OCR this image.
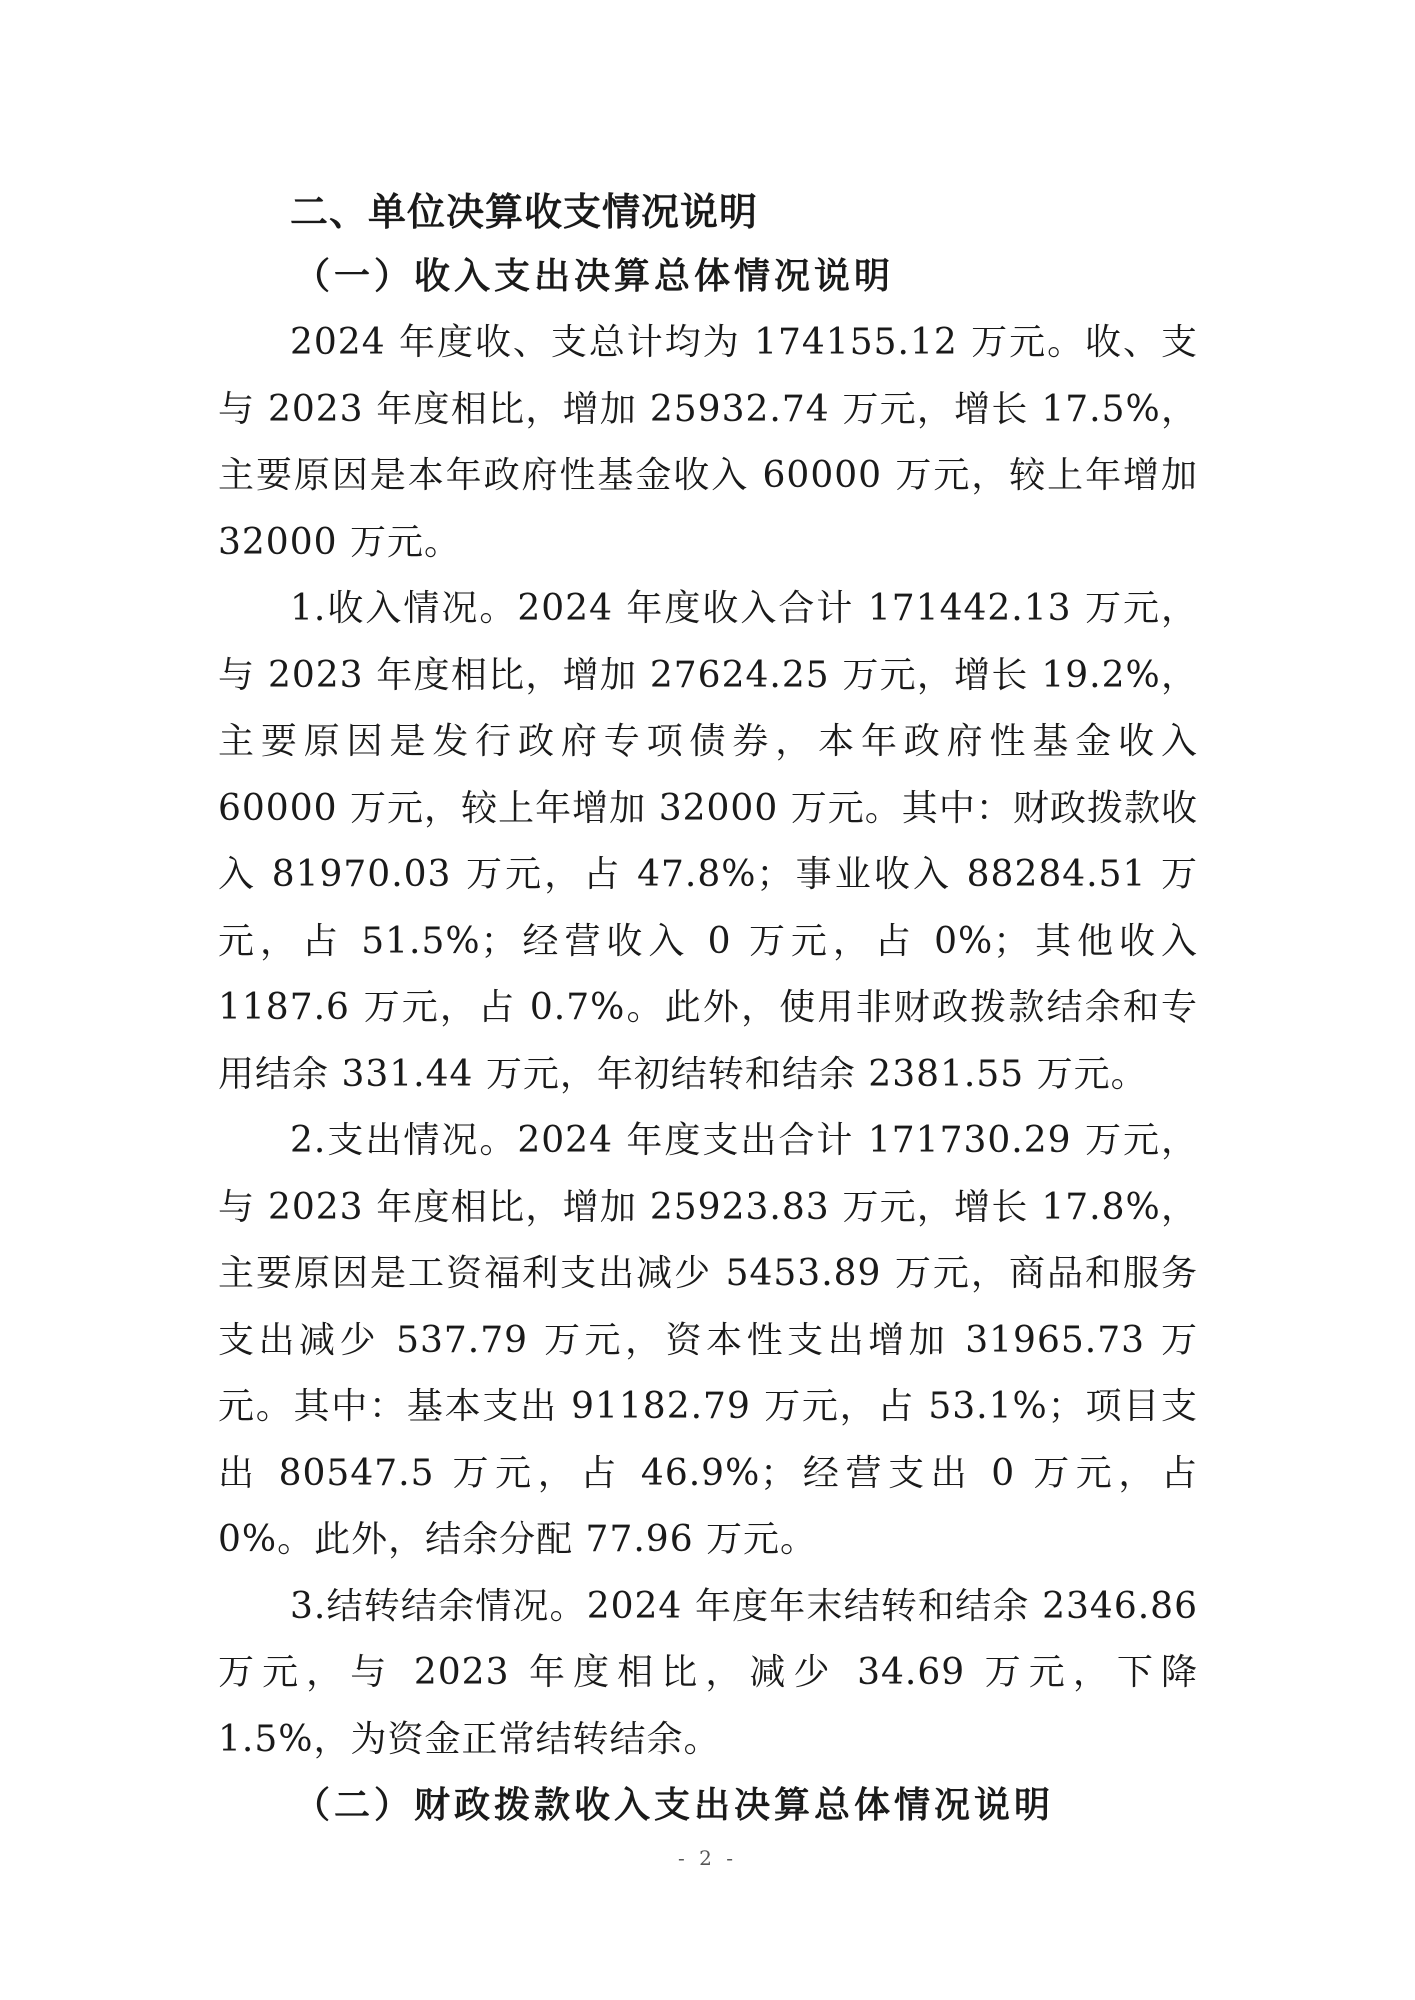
二、单位决算收支情况说明

（一）收入支出决算总体情况说明

2024 年度收、支总计均为 174155.12 万元。收、支与 2023 年度相比，增加 25932.74 万元，增长 17.5%，主要原因是本年政府性基金收入 60000 万元，较上年增加 32000 万元。

1.收入情况。2024 年度收入合计 171442.13 万元，与 2023 年度相比，增加 27624.25 万元，增长 19.2%，主要原因是发行政府专项债券，本年政府性基金收入 60000 万元，较上年增加 32000 万元。其中：财政拨款收入 81970.03 万元，占 47.8%；事业收入 88284.51 万元，占 51.5%；经营收入 0 万元，占 0%；其他收入 1187.6 万元，占 0.7%。此外，使用非财政拨款结余和专用结余 331.44 万元，年初结转和结余 2381.55 万元。

2.支出情况。2024 年度支出合计 171730.29 万元，与 2023 年度相比，增加 25923.83 万元，增长 17.8%，主要原因是工资福利支出减少 5453.89 万元，商品和服务支出减少 537.79 万元，资本性支出增加 31965.73 万元。其中：基本支出 91182.79 万元，占 53.1%；项目支出 80547.5 万元，占 46.9%；经营支出 0 万元，占 0%。此外，结余分配 77.96 万元。

3.结转结余情况。2024 年度年末结转和结余 2346.86 万元，与 2023 年度相比，减少 34.69 万元，下降 1.5%，为资金正常结转结余。

（二）财政拨款收入支出决算总体情况说明

- 2 -
